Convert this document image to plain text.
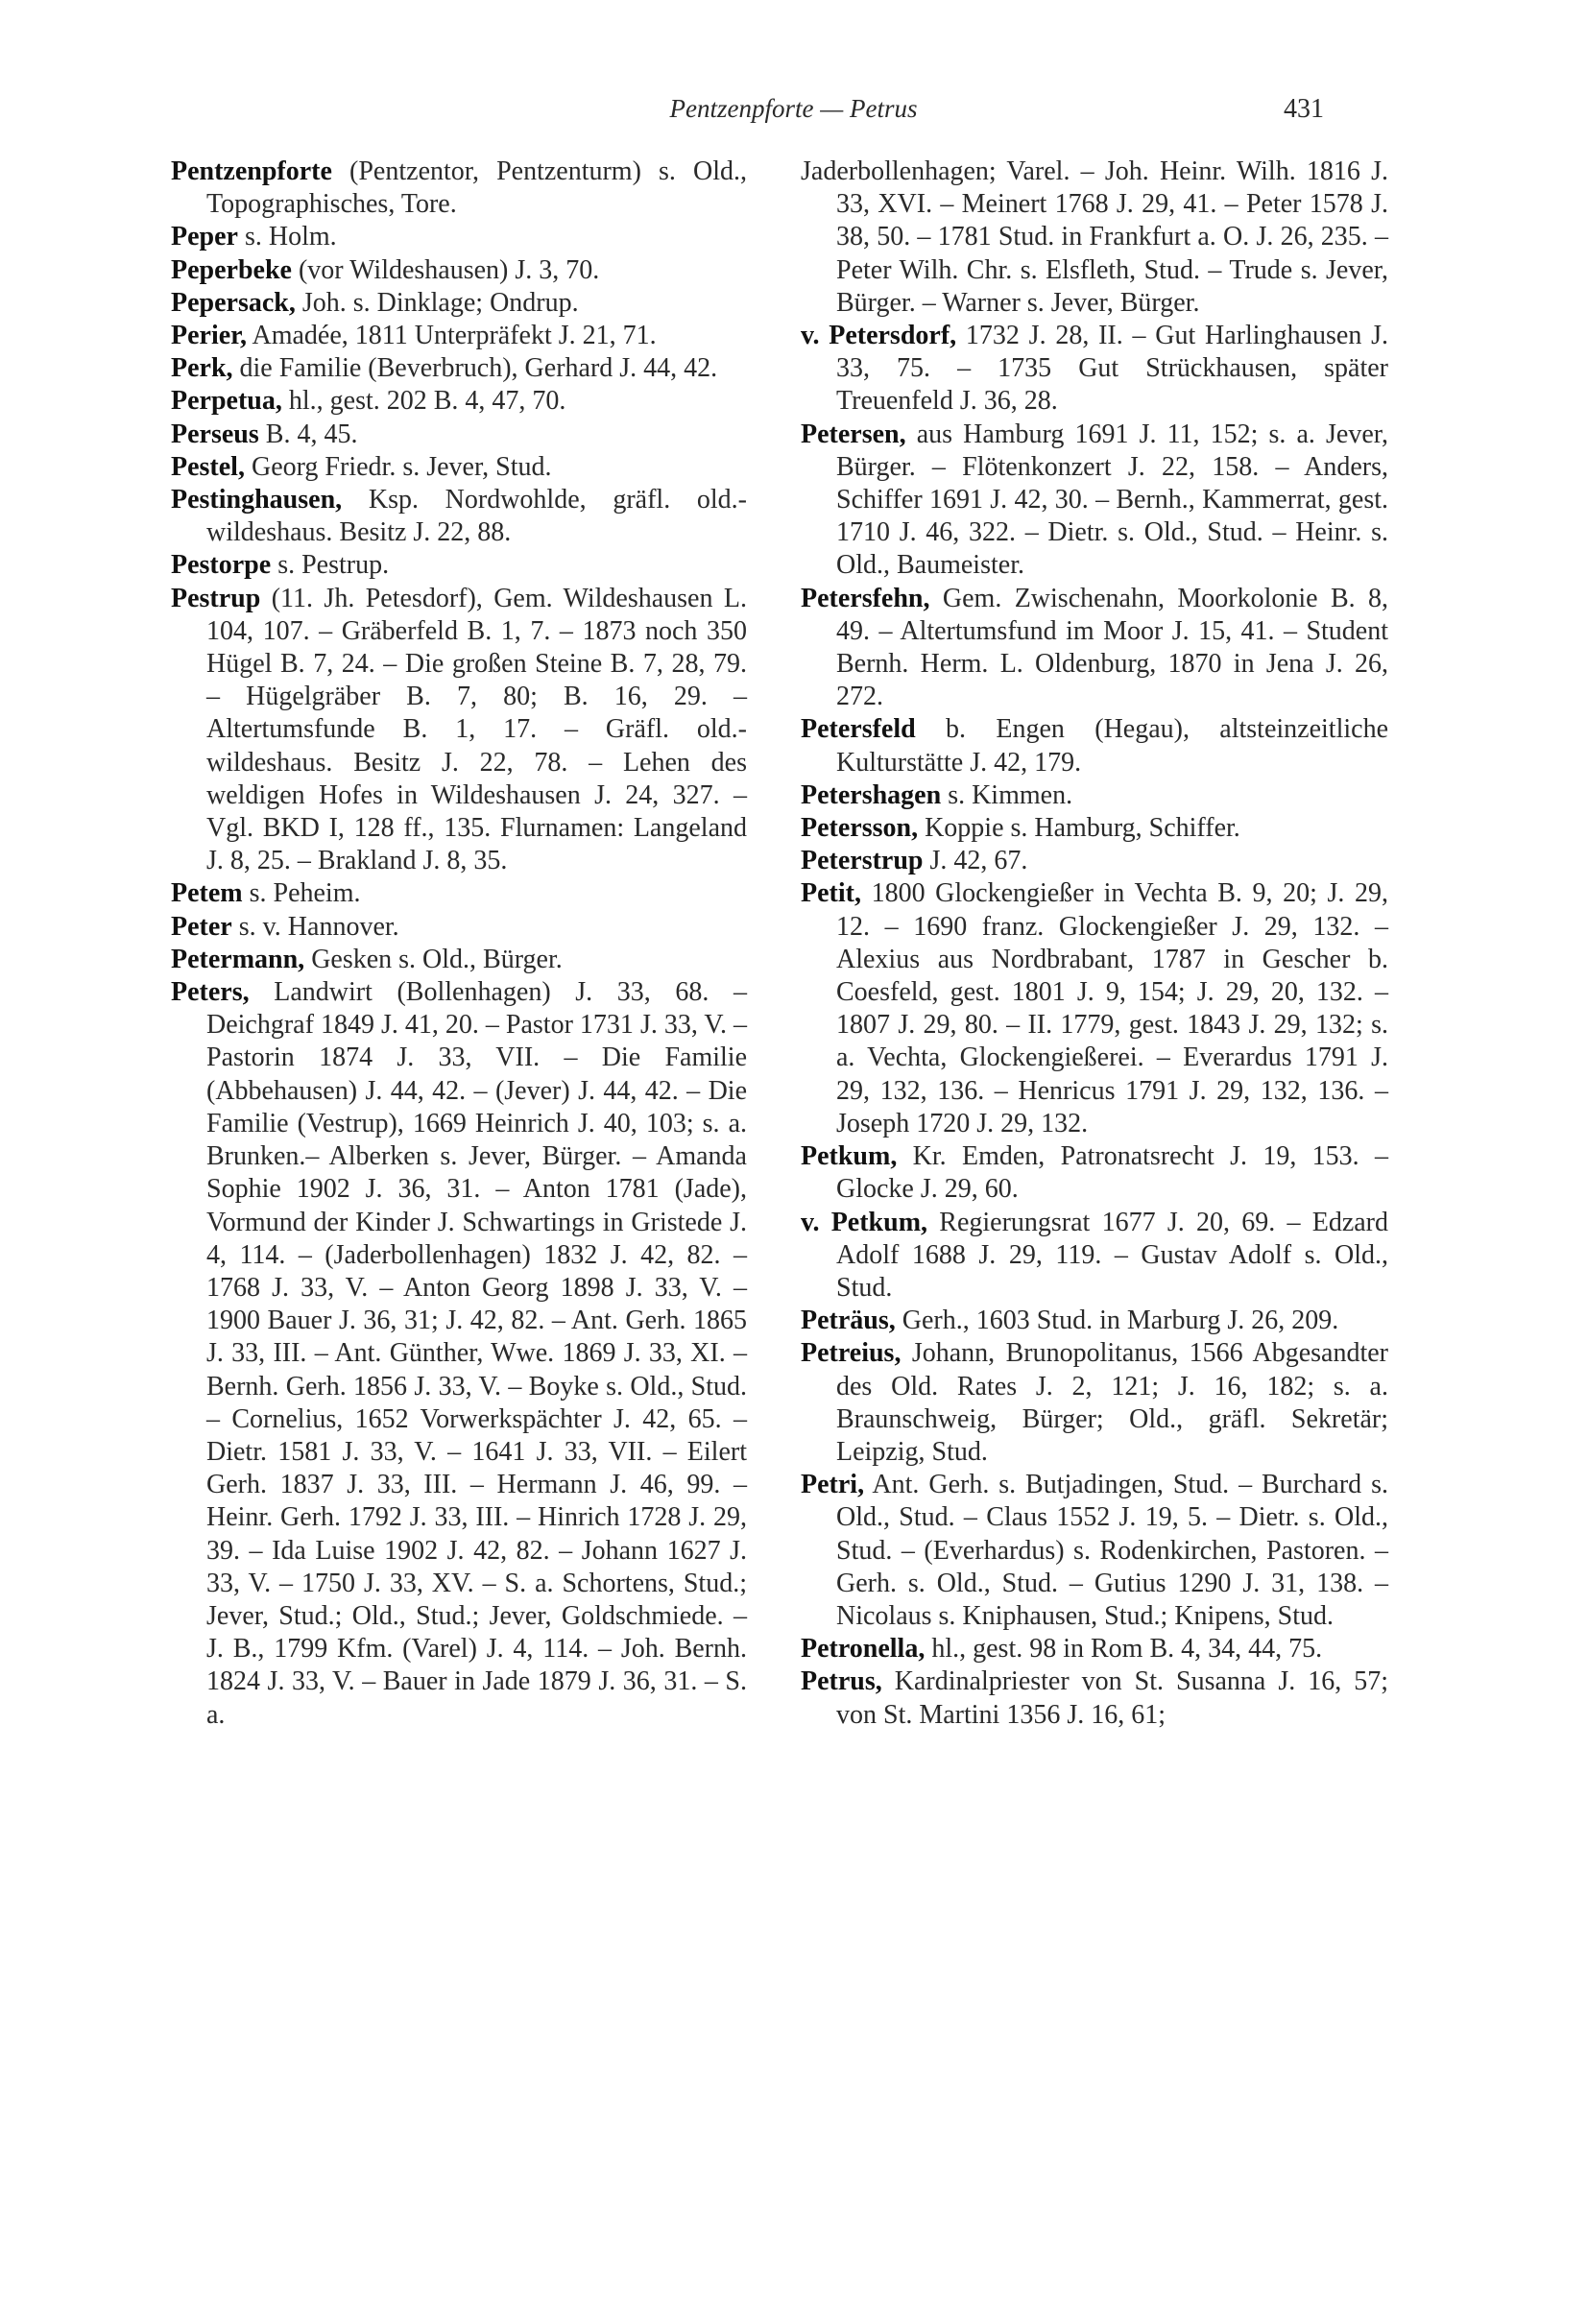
Pentzenpforte — Petrus	431

Pentzenpforte (Pentzentor, Pentzenturm) s. Old., Topographisches, Tore.

Peper s. Holm.

Peperbeke (vor Wildeshausen) J. 3, 70.

Pepersack, Joh. s. Dinklage; Ondrup.

Perier, Amadée, 1811 Unterpräfekt J. 21, 71.

Perk, die Familie (Beverbruch), Gerhard J. 44, 42.

Perpetua, hl., gest. 202 B. 4, 47, 70.

Perseus B. 4, 45.

Pestel, Georg Friedr. s. Jever, Stud.

Pestinghausen, Ksp. Nordwohlde, gräfl. old.-wildeshaus. Besitz J. 22, 88.

Pestorpe s. Pestrup.

Pestrup (11. Jh. Petesdorf), Gem. Wildeshausen L. 104, 107. – Gräberfeld B. 1, 7. – 1873 noch 350 Hügel B. 7, 24. – Die großen Steine B. 7, 28, 79. – Hügelgräber B. 7, 80; B. 16, 29. – Altertumsfunde B. 1, 17. – Gräfl. old.-wildeshaus. Besitz J. 22, 78. – Lehen des weldigen Hofes in Wildeshausen J. 24, 327. – Vgl. BKD I, 128 ff., 135. Flurnamen: Langeland J. 8, 25. – Brakland J. 8, 35.

Petem s. Peheim.

Peter s. v. Hannover.

Petermann, Gesken s. Old., Bürger.

Peters, Landwirt (Bollenhagen) J. 33, 68. – Deichgraf 1849 J. 41, 20. – Pastor 1731 J. 33, V. – Pastorin 1874 J. 33, VII. – Die Familie (Abbehausen) J. 44, 42. – (Jever) J. 44, 42. – Die Familie (Vestrup), 1669 Heinrich J. 40, 103; s. a. Brunken.– Alberken s. Jever, Bürger. – Amanda Sophie 1902 J. 36, 31. – Anton 1781 (Jade), Vormund der Kinder J. Schwartings in Gristede J. 4, 114. – (Jaderbollenhagen) 1832 J. 42, 82. – 1768 J. 33, V. – Anton Georg 1898 J. 33, V. – 1900 Bauer J. 36, 31; J. 42, 82. – Ant. Gerh. 1865 J. 33, III. – Ant. Günther, Wwe. 1869 J. 33, XI. – Bernh. Gerh. 1856 J. 33, V. – Boyke s. Old., Stud. – Cornelius, 1652 Vorwerkspächter J. 42, 65. – Dietr. 1581 J. 33, V. – 1641 J. 33, VII. – Eilert Gerh. 1837 J. 33, III. – Hermann J. 46, 99. – Heinr. Gerh. 1792 J. 33, III. – Hinrich 1728 J. 29, 39. – Ida Luise 1902 J. 42, 82. – Johann 1627 J. 33, V. – 1750 J. 33, XV. – S. a. Schortens, Stud.; Jever, Stud.; Old., Stud.; Jever, Goldschmiede. – J. B., 1799 Kfm. (Varel) J. 4, 114. – Joh. Bernh. 1824 J. 33, V. – Bauer in Jade 1879 J. 36, 31. – S. a.

Jaderbollenhagen; Varel. – Joh. Heinr. Wilh. 1816 J. 33, XVI. – Meinert 1768 J. 29, 41. – Peter 1578 J. 38, 50. – 1781 Stud. in Frankfurt a. O. J. 26, 235. – Peter Wilh. Chr. s. Elsfleth, Stud. – Trude s. Jever, Bürger. – Warner s. Jever, Bürger.

v. Petersdorf, 1732 J. 28, II. – Gut Harlinghausen J. 33, 75. – 1735 Gut Strückhausen, später Treuenfeld J. 36, 28.

Petersen, aus Hamburg 1691 J. 11, 152; s. a. Jever, Bürger. – Flötenkonzert J. 22, 158. – Anders, Schiffer 1691 J. 42, 30. – Bernh., Kammerrat, gest. 1710 J. 46, 322. – Dietr. s. Old., Stud. – Heinr. s. Old., Baumeister.

Petersfehn, Gem. Zwischenahn, Moorkolonie B. 8, 49. – Altertumsfund im Moor J. 15, 41. – Student Bernh. Herm. L. Oldenburg, 1870 in Jena J. 26, 272.

Petersfeld b. Engen (Hegau), altsteinzeitliche Kulturstätte J. 42, 179.

Petershagen s. Kimmen.

Petersson, Koppie s. Hamburg, Schiffer.

Peterstrup J. 42, 67.

Petit, 1800 Glockengießer in Vechta B. 9, 20; J. 29, 12. – 1690 franz. Glockengießer J. 29, 132. – Alexius aus Nordbrabant, 1787 in Gescher b. Coesfeld, gest. 1801 J. 9, 154; J. 29, 20, 132. – 1807 J. 29, 80. – II. 1779, gest. 1843 J. 29, 132; s. a. Vechta, Glockengießerei. – Everardus 1791 J. 29, 132, 136. – Henricus 1791 J. 29, 132, 136. – Joseph 1720 J. 29, 132.

Petkum, Kr. Emden, Patronatsrecht J. 19, 153. – Glocke J. 29, 60.

v. Petkum, Regierungsrat 1677 J. 20, 69. – Edzard Adolf 1688 J. 29, 119. – Gustav Adolf s. Old., Stud.

Peträus, Gerh., 1603 Stud. in Marburg J. 26, 209.

Petreius, Johann, Brunopolitanus, 1566 Abgesandter des Old. Rates J. 2, 121; J. 16, 182; s. a. Braunschweig, Bürger; Old., gräfl. Sekretär; Leipzig, Stud.

Petri, Ant. Gerh. s. Butjadingen, Stud. – Burchard s. Old., Stud. – Claus 1552 J. 19, 5. – Dietr. s. Old., Stud. – (Everhardus) s. Rodenkirchen, Pastoren. – Gerh. s. Old., Stud. – Gutius 1290 J. 31, 138. – Nicolaus s. Kniphausen, Stud.; Knipens, Stud.

Petronella, hl., gest. 98 in Rom B. 4, 34, 44, 75.

Petrus, Kardinalpriester von St. Susanna J. 16, 57; von St. Martini 1356 J. 16, 61;
